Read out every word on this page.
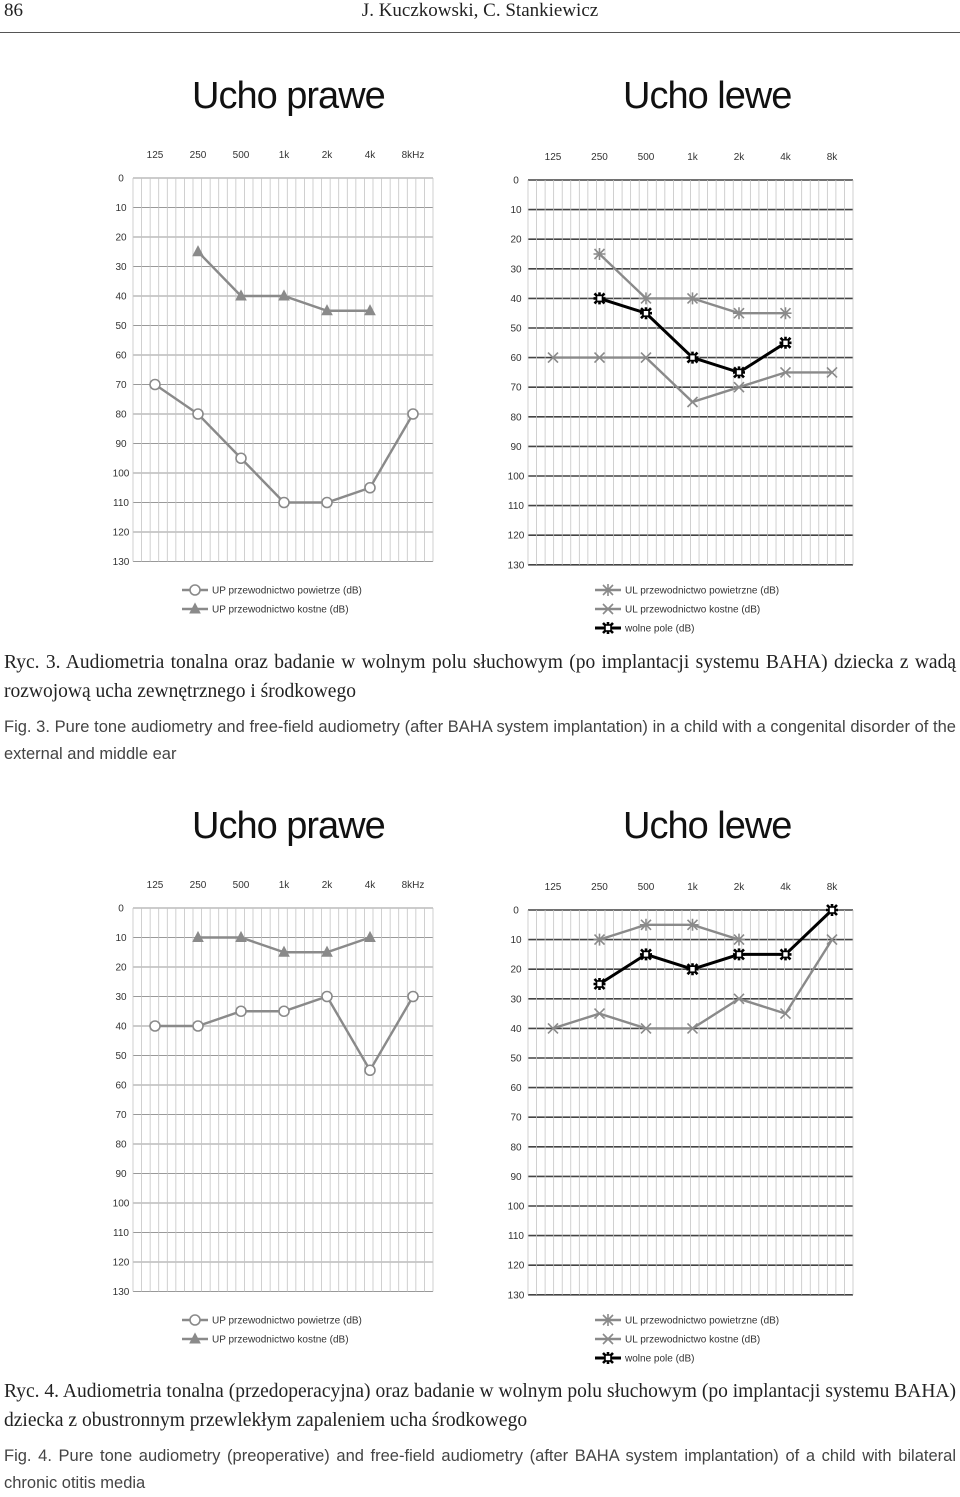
86	J. Kuczkowski, C. Stankiewicz
Ucho prawe
125	250	500	1k	2k	4k	8kHz
0
10
20
30
40
50
60
70
80
90
100
110
120
130
UP przewodnictwo powietrze (dB)
UP przewodnictwo kostne (dB)
Ucho lewe
125	250	500	1k	2k	4k	8k
0
10
20
30
40
50
60
70
80
90
100
110
120
130
UL przewodnictwo powietrzne (dB)
UL przewodnictwo kostne (dB)
wolne pole (dB)
Ryc. 3. Audiometria tonalna oraz badanie w wolnym polu słuchowym (po implantacji systemu BAHA) dziecka z wadą rozwojową ucha zewnętrznego i środkowego
Fig. 3. Pure tone audiometry and free-field audiometry (after BAHA system implantation) in a child with a congenital disorder of the external and middle ear
Ucho prawe
125	250	500	1k	2k	4k	8kHz
0
10
20
30
40
50
60
70
80
90
100
110
120
130
UP przewodnictwo powietrze (dB)
UP przewodnictwo kostne (dB)
Ucho lewe
125	250	500	1k	2k	4k	8k
0
10
20
30
40
50
60
70
80
90
100
110
120
130
UL przewodnictwo powietrzne (dB)
UL przewodnictwo kostne (dB)
wolne pole (dB)
Ryc. 4. Audiometria tonalna (przedoperacyjna) oraz badanie w wolnym polu słuchowym (po implantacji systemu BAHA) dziecka z obustronnym przewlekłym zapaleniem ucha środkowego
Fig. 4. Pure tone audiometry (preoperative) and free-field audiometry (after BAHA system implantation) of a child with bilateral chronic otitis media
